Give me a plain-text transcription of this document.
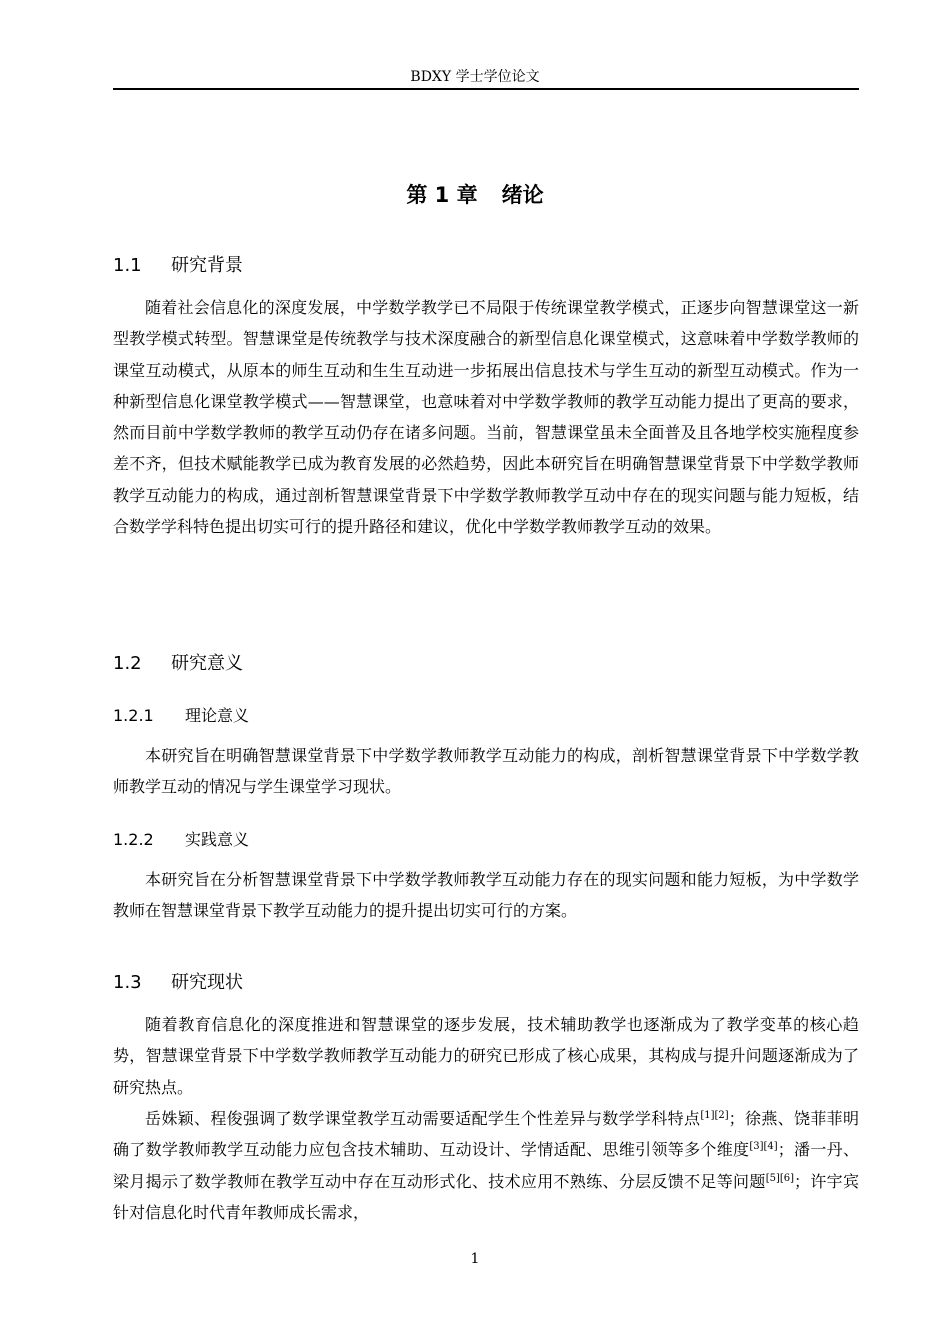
BDXY 学士学位论文
第 1 章 绪论
1.1 研究背景

随着社会信息化的深度发展，中学数学教学已不局限于传统课堂教学模式，正逐步向智慧课堂这一新型教学模式转型。智慧课堂是传统教学与技术深度融合的新型信息化课堂模式，这意味着中学数学教师的课堂互动模式，从原本的师生互动和生生互动进一步拓展出信息技术与学生互动的新型互动模式。作为一种新型信息化课堂教学模式——智慧课堂，也意味着对中学数学教师的教学互动能力提出了更高的要求，然而目前中学数学教师的教学互动仍存在诸多问题。当前，智慧课堂虽未全面普及且各地学校实施程度参差不齐，但技术赋能教学已成为教育发展的必然趋势，因此本研究旨在明确智慧课堂背景下中学数学教师教学互动能力的构成，通过剖析智慧课堂背景下中学数学教师教学互动中存在的现实问题与能力短板，结合数学学科特色提出切实可行的提升路径和建议，优化中学数学教师教学互动的效果。

1.2 研究意义
1.2.1 理论意义

本研究旨在明确智慧课堂背景下中学数学教师教学互动能力的构成，剖析智慧课堂背景下中学数学教师教学互动的情况与学生课堂学习现状。

1.2.2 实践意义

本研究旨在分析智慧课堂背景下中学数学教师教学互动能力存在的现实问题和能力短板，为中学数学教师在智慧课堂背景下教学互动能力的提升提出切实可行的方案。

1.3 研究现状

随着教育信息化的深度推进和智慧课堂的逐步发展，技术辅助教学也逐渐成为了教学变革的核心趋势，智慧课堂背景下中学数学教师教学互动能力的研究已形成了核心成果，其构成与提升问题逐渐成为了研究热点。

岳姝颖、程俊强调了数学课堂教学互动需要适配学生个性差异与数学学科特点[1][2]；徐燕、饶菲菲明确了数学教师教学互动能力应包含技术辅助、互动设计、学情适配、思维引领等多个维度[3][4]；潘一丹、梁月揭示了数学教师在教学互动中存在互动形式化、技术应用不熟练、分层反馈不足等问题[5][6]；许宇宾针对信息化时代青年教师成长需求，

1
